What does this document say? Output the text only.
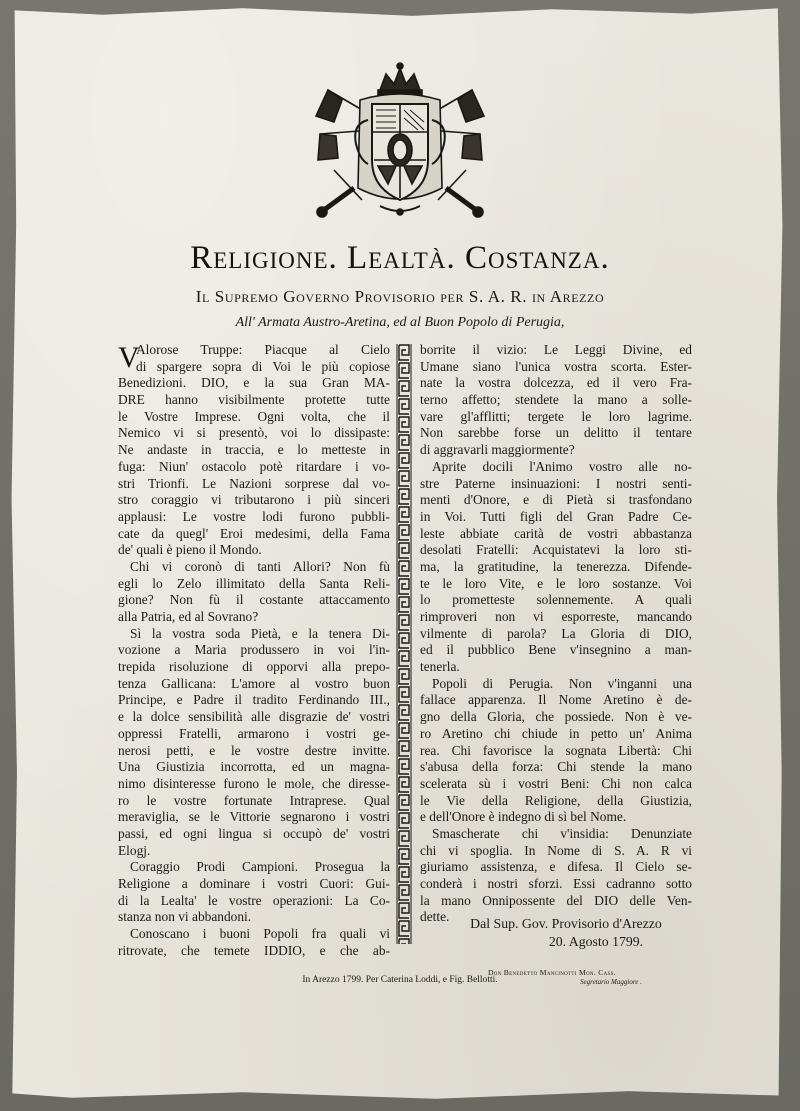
Religione. Lealtà. Costanza.
Il Supremo Governo Provisorio per S. A. R. in Arezzo
All' Armata Austro-Aretina, ed al Buon Popolo di Perugia,
V
Alorose Truppe: Piacque al Cielo
di spargere sopra di Voi le più copiose
Benedizioni. DIO, e la sua Gran MA-
DRE hanno visibilmente protette tutte
le Vostre Imprese. Ogni volta, che il
Nemico vi si presentò, voi lo dissipaste:
Ne andaste in traccia, e lo metteste in
fuga: Niun' ostacolo potè ritardare i vo-
stri Trionfi. Le Nazioni sorprese dal vo-
stro coraggio vi tributarono i più sinceri
applausi: Le vostre lodi furono pubbli-
cate da quegl' Eroi medesimi, della Fama
de' quali è pieno il Mondo.
Chi vi coronò di tanti Allori? Non fù
egli lo Zelo illimitato della Santa Reli-
gione? Non fù il costante attaccamento
alla Patria, ed al Sovrano?
Sì la vostra soda Pietà, e la tenera Di-
vozione a Maria produssero in voi l'in-
trepida risoluzione di opporvi alla prepo-
tenza Gallicana: L'amore al vostro buon
Principe, e Padre il tradito Ferdinando III.,
e la dolce sensibilità alle disgrazie de' vostri
oppressi Fratelli, armarono i vostri ge-
nerosi petti, e le vostre destre invitte.
Una Giustizia incorrotta, ed un magna-
nimo disinteresse furono le mole, che diresse-
ro le vostre fortunate Intraprese. Qual
meraviglia, se le Vittorie segnarono i vostri
passi, ed ogni lingua si occupò de' vostri
Elogj.
Coraggio Prodi Campioni. Prosegua la
Religione a dominare i vostri Cuori: Gui-
di la Lealta' le vostre operazioni: La Co-
stanza non vi abbandoni.
Conoscano i buoni Popoli fra quali vi
ritrovate, che temete IDDIO, e che ab-
borrite il vizio: Le Leggi Divine, ed
Umane siano l'unica vostra scorta. Ester-
nate la vostra dolcezza, ed il vero Fra-
terno affetto; stendete la mano a solle-
vare gl'afflitti; tergete le loro lagrime.
Non sarebbe forse un delitto il tentare
di aggravarli maggiormente?
Aprite docili l'Animo vostro alle no-
stre Paterne insinuazioni: I nostri senti-
menti d'Onore, e di Pietà si trasfondano
in Voi. Tutti figli del Gran Padre Ce-
leste abbiate carità de vostri abbastanza
desolati Fratelli: Acquistatevi la loro sti-
ma, la gratitudine, la tenerezza. Difende-
te le loro Vite, e le loro sostanze. Voi
lo prometteste solennemente. A quali
rimproveri non vi esporreste, mancando
vilmente di parola? La Gloria di DIO,
ed il pubblico Bene v'insegnino a man-
tenerla.
Popoli di Perugia. Non v'inganni una
fallace apparenza. Il Nome Aretino è de-
gno della Gloria, che possiede. Non è ve-
ro Aretino chi chiude in petto un' Anima
rea. Chi favorisce la sognata Libertà: Chi
s'abusa della forza: Chi stende la mano
scelerata sù i vostri Beni: Chi non calca
le Vie della Religione, della Giustizia,
e dell'Onore è indegno di sì bel Nome.
Smascherate chi v'insidia: Denunziate
chi vi spoglia. In Nome di S. A. R vi
giuriamo assistenza, e difesa. Il Cielo se-
conderà i nostri sforzi. Essi cadranno sotto
la mano Onnipossente del DIO delle Ven-
dette.	Dal Sup. Gov. Provisorio d'Arezzo
20. Agosto 1799.
Don Benedetto Mancinotti Mon. Cass.
Segretario Maggiore .
In Arezzo 1799. Per Caterina Loddi, e Fig. Bellotti.
